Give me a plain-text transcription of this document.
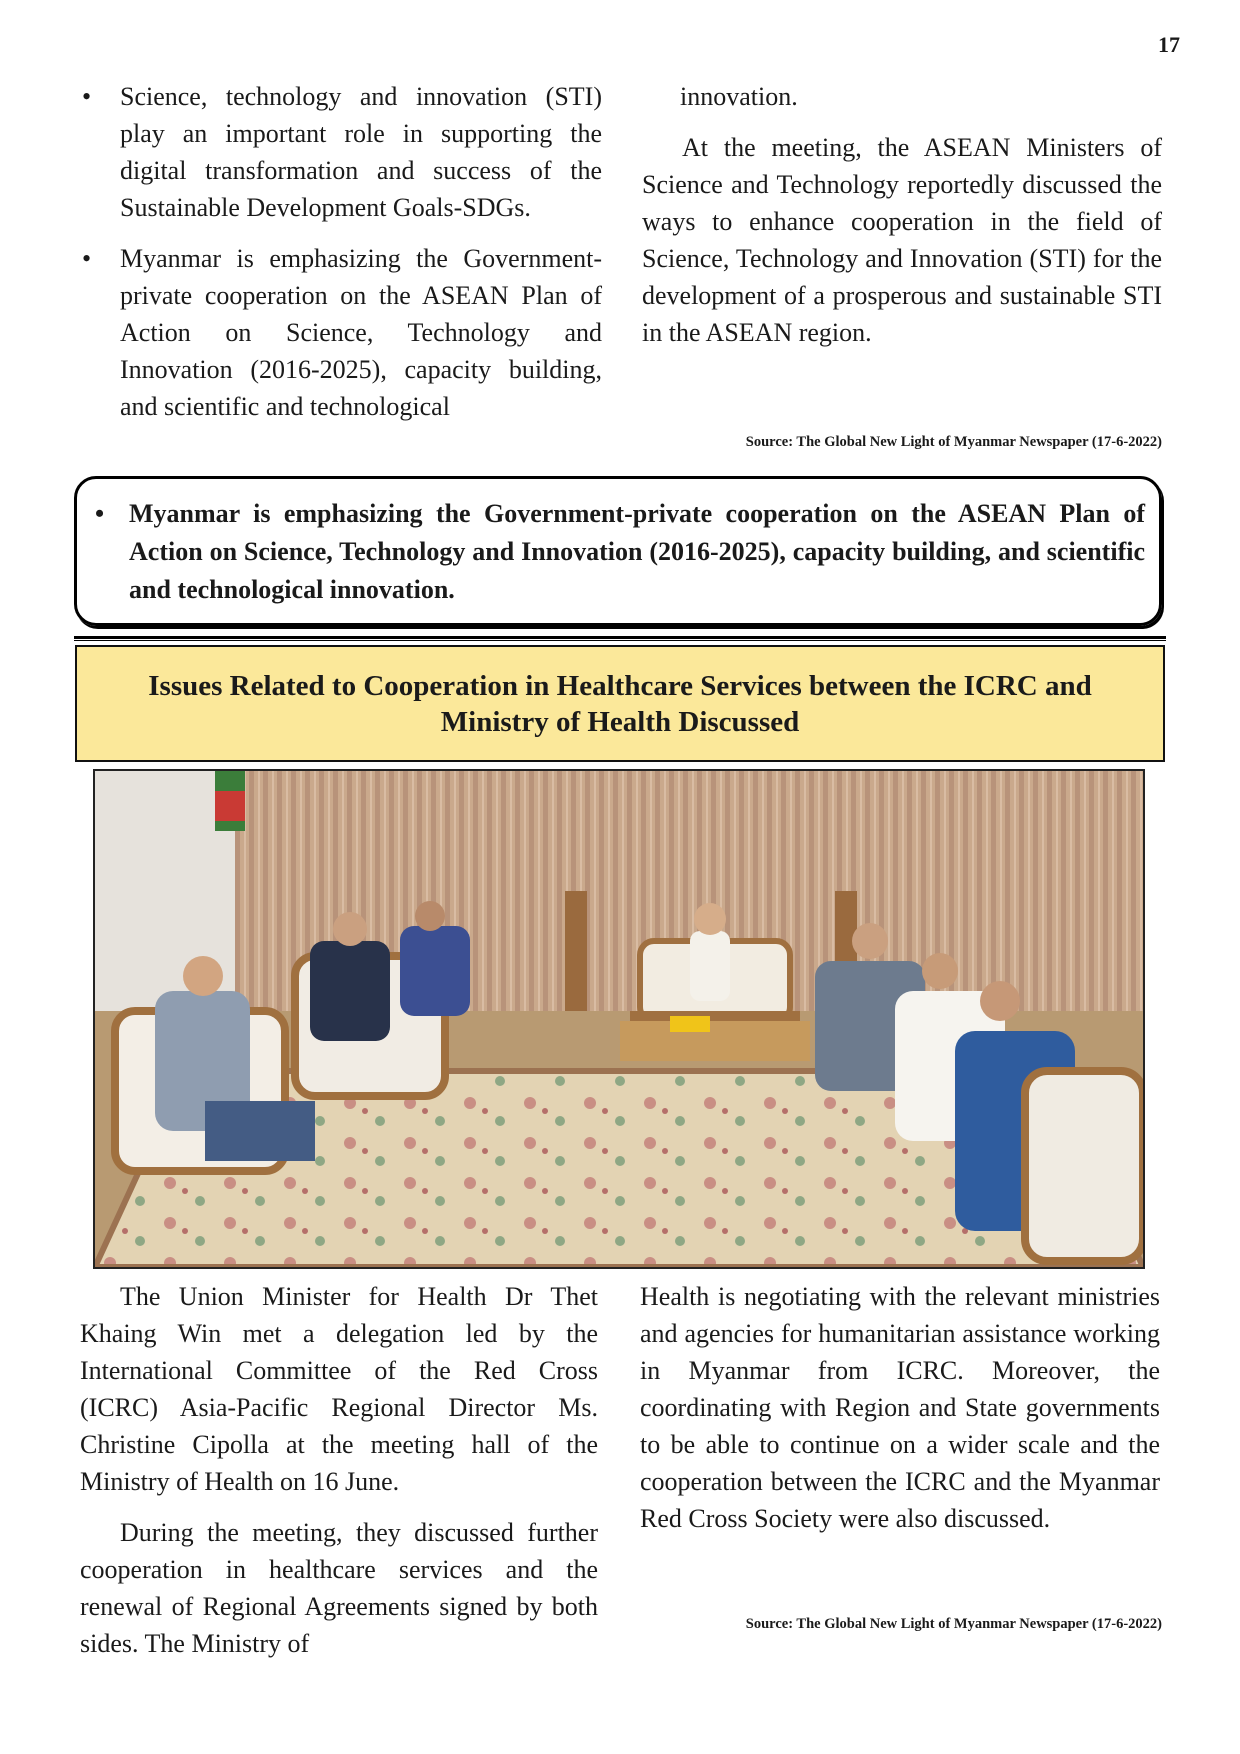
17
• Science, technology and innovation (STI) play an important role in supporting the digital transformation and success of the Sustainable Development Goals-SDGs.
• Myanmar is emphasizing the Government-private cooperation on the ASEAN Plan of Action on Science, Technology and Innovation (2016-2025), capacity building, and scientific and technological

innovation.

At the meeting, the ASEAN Ministers of Science and Technology reportedly discussed the ways to enhance cooperation in the field of Science, Technology and Innovation (STI) for the development of a prosperous and sustainable STI in the ASEAN region.

Source: The Global New Light of Myanmar Newspaper (17-6-2022)
• Myanmar is emphasizing the Government-private cooperation on the ASEAN Plan of Action on Science, Technology and Innovation (2016-2025), capacity building, and scientific and technological innovation.
Issues Related to Cooperation in Healthcare Services between the ICRC and Ministry of Health Discussed

The Union Minister for Health Dr Thet Khaing Win met a delegation led by the International Committee of the Red Cross (ICRC) Asia-Pacific Regional Director Ms. Christine Cipolla at the meeting hall of the Ministry of Health on 16 June.

During the meeting, they discussed further cooperation in healthcare services and the renewal of Regional Agreements signed by both sides. The Ministry of

Health is negotiating with the relevant ministries and agencies for humanitarian assistance working in Myanmar from ICRC. Moreover, the coordinating with Region and State governments to be able to continue on a wider scale and the cooperation between the ICRC and the Myanmar Red Cross Society were also discussed.

Source: The Global New Light of Myanmar Newspaper (17-6-2022)
